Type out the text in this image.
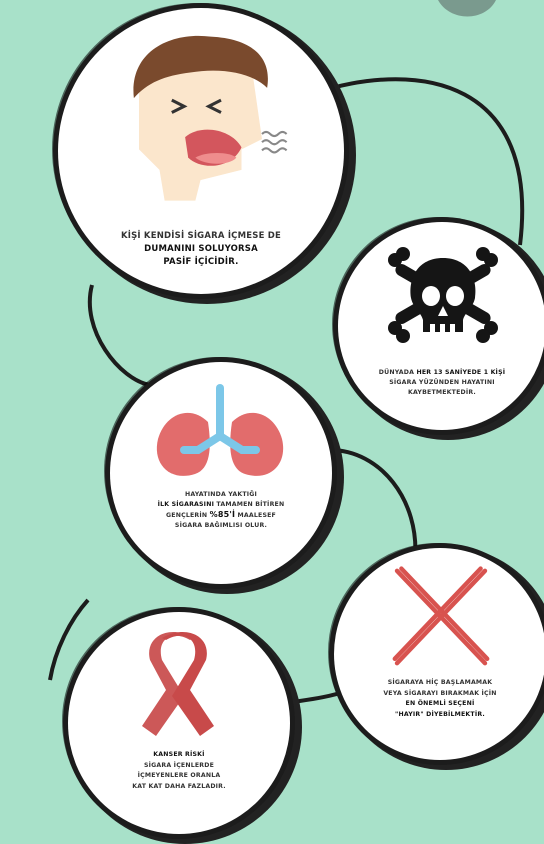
KİŞİ KENDİSİ SİGARA İÇMESE DE
DUMANINI SOLUYORSA
PASİF İÇİCİDİR.
DÜNYADA HER 13 SANİYEDE 1 KİŞİ
SİGARA YÜZÜNDEN HAYATINI
KAYBETMEKTEDİR.
HAYATINDA YAKTIĞI
İLK SİGARASINI TAMAMEN BİTİREN
GENÇLERİN %85'İ MAALESEF
SİGARA BAĞIMLISI OLUR.
SİGARAYA HİÇ BAŞLAMAMAK
VEYA SİGARAYI BIRAKMAK İÇİN
EN ÖNEMLİ SEÇENİ
"HAYIR" DİYEBİLMEKTİR.
KANSER RİSKİ
SİGARA İÇENLERDE
İÇMEYENLERE ORANLA
KAT KAT DAHA FAZLADIR.
